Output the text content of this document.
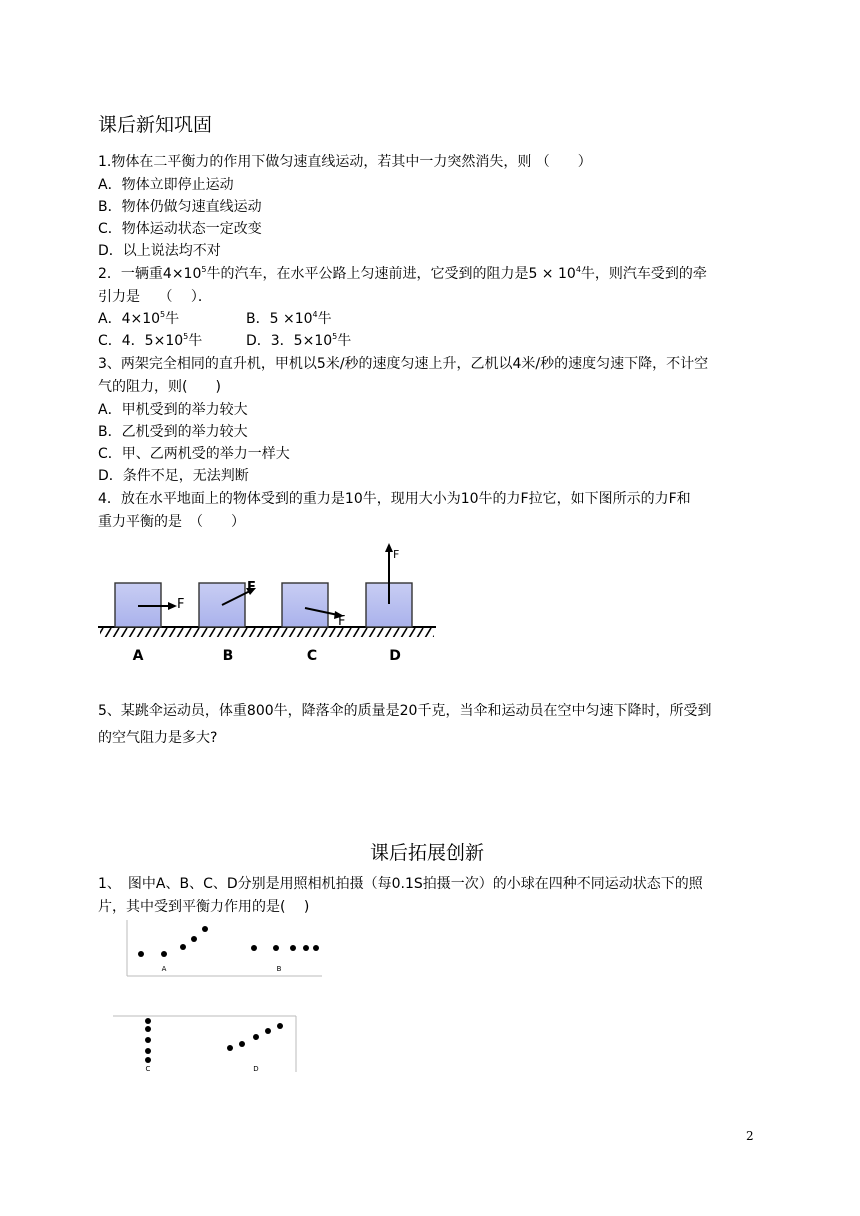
课后新知巩固
1.物体在二平衡力的作用下做匀速直线运动，若其中一力突然消失，则 （　　）
A．物体立即停止运动
B．物体仍做匀速直线运动
C．物体运动状态一定改变
D．以上说法均不对
2．一辆重$4\times 10^5$牛的汽车，在水平公路上匀速前进，它受到的阻力是$5 \times 10^4$牛，则汽车受到的牵
引力是　 （　 ）．
A．$4\times 10^5$牛	B．$5 \times 10^4$牛
C．4．$5\times 10^5$牛	D．3．$5\times 10^5$牛
3、两架完全相同的直升机，甲机以5米/秒的速度匀速上升，乙机以4米/秒的速度匀速下降，不计空
气的阻力，则(　　)
A．甲机受到的举力较大
B．乙机受到的举力较大
C．甲、乙两机受的举力一样大
D．条件不足，无法判断
4．放在水平地面上的物体受到的重力是10牛，现用大小为10牛的力F拉它，如下图所示的力F和
重力平衡的是　（　　）
F
F
F
F
A	B	C	D
5、某跳伞运动员，体重800牛，降落伞的质量是20千克，当伞和运动员在空中匀速下降时，所受到
的空气阻力是多大?
课后拓展创新
1、　图中A、B、C、D分别是用照相机拍摄（每0.1S拍摄一次）的小球在四种不同运动状态下的照
片，其中受到平衡力作用的是(　 )
A	B
C	D
2
